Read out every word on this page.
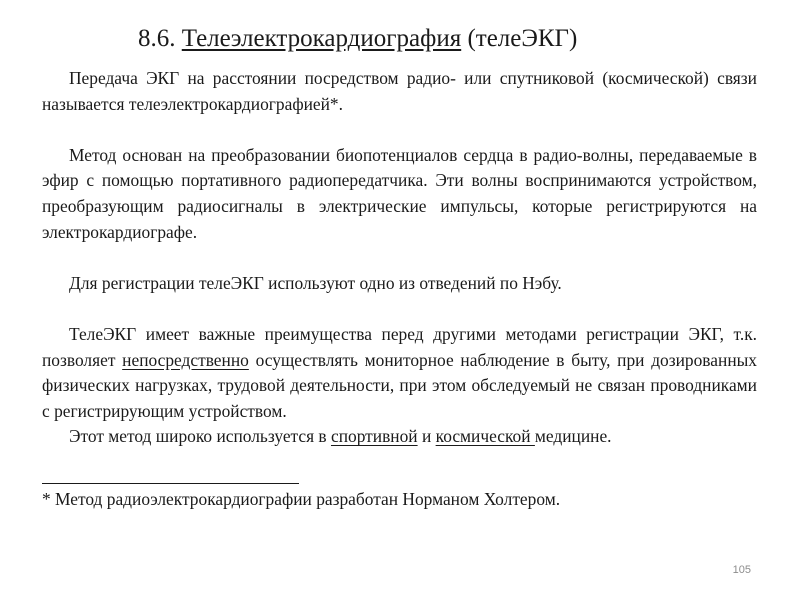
8.6. Телеэлектрокардиография (телеЭКГ)

Передача ЭКГ на расстоянии посредством радио- или спутниковой (космической) связи называется телеэлектрокардиографией*.

Метод основан на преобразовании биопотенциалов сердца в радио-волны, передаваемые в эфир с помощью портативного радиопередатчика. Эти волны воспринимаются устройством, преобразующим радиосигналы в электрические импульсы, которые регистрируются на электрокардиографе.

Для регистрации телеЭКГ используют одно из отведений по Нэбу.

ТелеЭКГ имеет важные преимущества перед другими методами регистрации ЭКГ, т.к. позволяет непосредственно осуществлять мониторное наблюдение в быту, при дозированных физических нагрузках, трудовой деятельности, при этом обследуемый не связан проводниками с регистрирующим устройством.

Этот метод широко используется в спортивной и космической медицине.

* Метод радиоэлектрокардиографии разработан Норманом Холтером.

105
